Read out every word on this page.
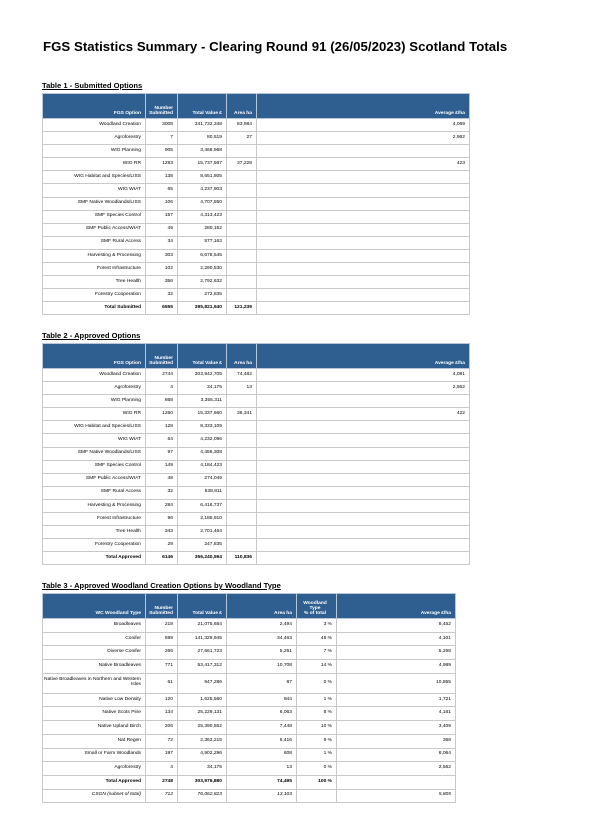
FGS Statistics Summary - Clearing Round 91 (26/05/2023) Scotland Totals
Table 1 - Submitted Options
FGS Option	Number
Submitted	Total Value £	Area ha	Average £/ha
Woodland Creation	3008	341,732,348	83,984	4,069
Agroforestry	7	80,519	27	2,962
WIG Planning	905	3,468,968		
WIG RR	1293	15,737,567	37,228	423
WIG Habitat and Species/LISS	138	8,651,805		
WIG WIAT	65	4,237,903		
SMF Native Woodlands/LISS	106	4,707,550		
SMF Species Control	157	4,313,423		
SMF Public Access/WIAT	49	280,152		
SMF Rural Access	34	577,163		
Harvesting & Processing	303	6,678,545		
Forest Infrastructure	102	2,290,530		
Tree Health	356	2,792,632		
Forestry Cooperation	32	272,835		
Total Submitted	6555	395,821,940	121,239	
Table 2 - Approved Options
FGS Option	Number
Submitted	Total Value £	Area ha	Average £/ha
Woodland Creation	2744	303,942,705	74,482	4,081
Agroforestry	4	34,175	13	2,562
WIG Planning	868	3,355,311		
WIG RR	1260	15,337,660	36,341	422
WIG Habitat and Species/LISS	128	8,333,109		
WIG WIAT	64	4,232,096		
SMF Native Woodlands/LISS	97	4,456,308		
SMF Species Control	149	4,184,423		
SMF Public Access/WIAT	48	274,049		
SMF Rural Access	32	538,811		
Harvesting & Processing	284	6,416,737		
Forest Infrastructure	96	2,185,910		
Tree Health	343	2,701,464		
Forestry Cooperation	29	247,835		
Total Approved	6146	356,240,594	110,836	
Table 3 - Approved Woodland Creation Options by Woodland Type
WC Woodland Type	Number
Submitted	Total Value £	Area ha	Woodland
Type
% of total	Average £/ha
Broadleaves	218	21,075,684	2,494	3 %	8,452
Conifer	699	141,329,945	34,463	46 %	4,101
Diverse Conifer	266	27,661,723	5,251	7 %	5,268
Native Broadleaves	771	53,417,312	10,708	14 %	4,989
Native Broadleaves in Northern and Western Isles	61	947,286	87	0 %	10,855
Native Low Density	120	1,625,560	944	1 %	1,721
Native Scots Pine	134	25,229,131	6,063	8 %	4,161
Native Upland Birch	206	25,390,552	7,448	10 %	3,409
Nat Regen	72	2,363,215	6,416	9 %	368
Small or Farm Woodlands	197	4,902,296	608	1 %	8,064
Agroforestry	4	34,175	13	0 %	2,562
Total Approved	2748	303,976,880	74,495	100 %	
CSGN (subset of total)	712	76,062,823	13,103		5,805
